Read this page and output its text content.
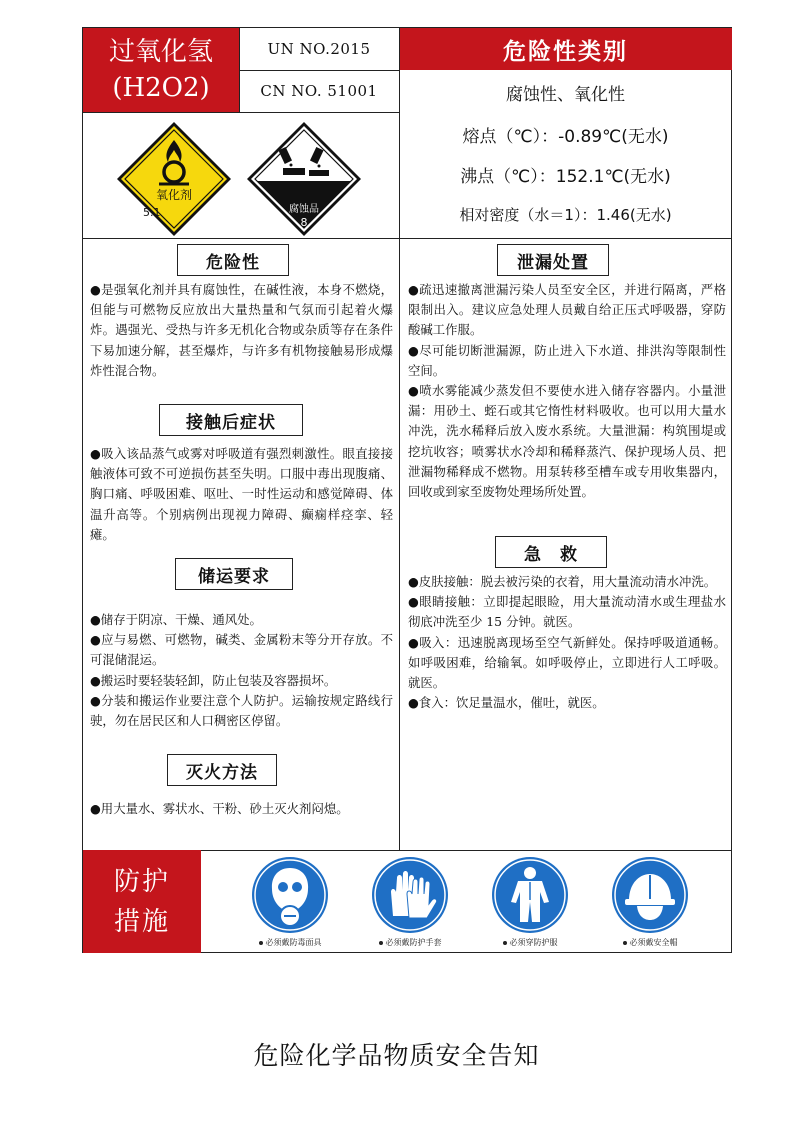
过氧化氢
(H2O2)
UN NO.2015
CN NO. 51001
危险性类别
腐蚀性、氧化性
熔点（℃）：-0.89℃(无水)
沸点（℃）：152.1℃(无水)
相对密度（水＝1）：1.46(无水)
氧化剂
5.1	腐蚀品
8
危险性

●是强氧化剂并具有腐蚀性，在碱性液，本身不燃烧，但能与可燃物反应放出大量热量和气氛而引起着火爆炸。遇强光、受热与许多无机化合物或杂质等存在条件下易加速分解，甚至爆炸，与许多有机物接触易形成爆炸性混合物。

接触后症状

●吸入该品蒸气或雾对呼吸道有强烈刺激性。眼直接接触液体可致不可逆损伤甚至失明。口服中毒出现腹痛、胸口痛、呼吸困难、呕吐、一时性运动和感觉障碍、体温升高等。个别病例出现视力障碍、癫痫样痉挛、轻瘫。

储运要求

●储存于阴凉、干燥、通风处。

●应与易燃、可燃物，碱类、金属粉末等分开存放。不可混储混运。

●搬运时要轻装轻卸，防止包装及容器损坏。

●分装和搬运作业要注意个人防护。运输按规定路线行驶，勿在居民区和人口稠密区停留。

灭火方法

●用大量水、雾状水、干粉、砂土灭火剂闷熄。

泄漏处置

●疏迅速撤离泄漏污染人员至安全区，并进行隔离，严格限制出入。建议应急处理人员戴自给正压式呼吸器，穿防酸碱工作服。

●尽可能切断泄漏源，防止进入下水道、排洪沟等限制性空间。

●喷水雾能减少蒸发但不要使水进入储存容器内。小量泄漏：用砂土、蛭石或其它惰性材料吸收。也可以用大量水冲洗，洗水稀释后放入废水系统。大量泄漏：构筑围堤或挖坑收容；喷雾状水冷却和稀释蒸汽、保护现场人员、把泄漏物稀释成不燃物。用泵转移至槽车或专用收集器内，回收或到家至废物处理场所处置。

急　救

●皮肤接触：脱去被污染的衣着，用大量流动清水冲洗。

●眼睛接触：立即提起眼睑，用大量流动清水或生理盐水彻底冲洗至少 15 分钟。就医。

●吸入：迅速脱离现场至空气新鲜处。保持呼吸道通畅。如呼吸困难，给输氧。如呼吸停止，立即进行人工呼吸。就医。

●食入：饮足量温水，催吐，就医。

防护
措施
必须戴防毒面具	必须戴防护手套	必须穿防护服	必须戴安全帽
危险化学品物质安全告知
